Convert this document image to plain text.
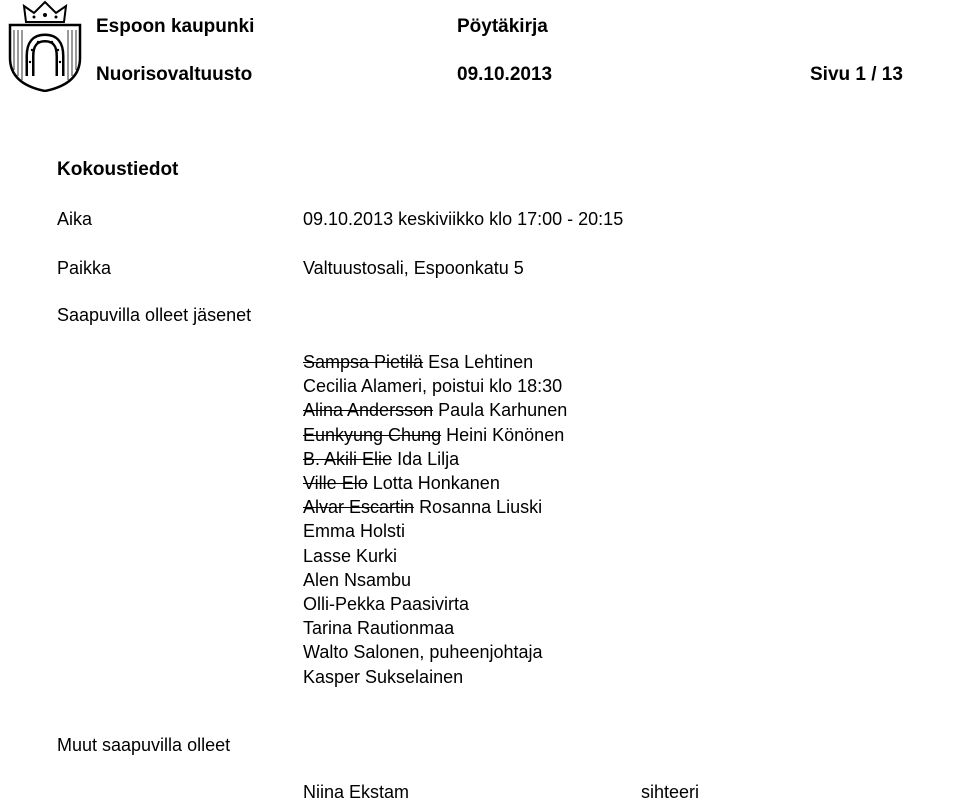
Espoon kaupunki	Pöytäkirja
Nuorisovaltuusto	09.10.2013	Sivu 1 / 13
Kokoustiedot
Aika	09.10.2013 keskiviikko klo 17:00 - 20:15
Paikka	Valtuustosali, Espoonkatu 5
Saapuvilla olleet jäsenet
Sampsa Pietilä Esa Lehtinen
Cecilia Alameri, poistui klo 18:30
Alina Andersson Paula Karhunen
Eunkyung Chung Heini Könönen
B. Akili Elie Ida Lilja
Ville Elo Lotta Honkanen
Alvar Escartin Rosanna Liuski
Emma Holsti
Lasse Kurki
Alen Nsambu
Olli-Pekka Paasivirta
Tarina Rautionmaa
Walto Salonen, puheenjohtaja
Kasper Sukselainen
Muut saapuvilla olleet
Niina Ekstam	sihteeri
